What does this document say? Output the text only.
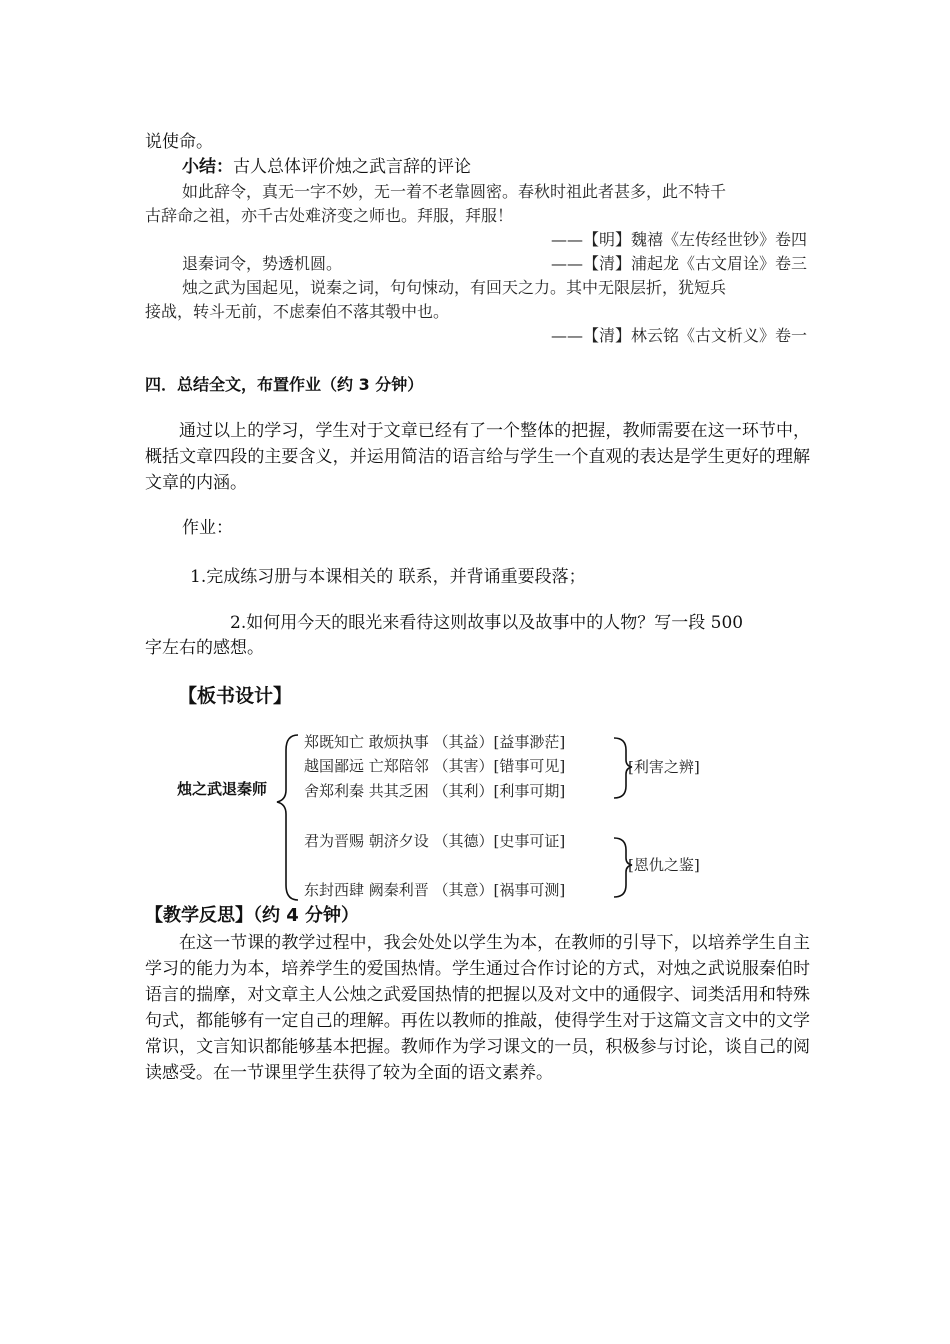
说使命。
小结：古人总体评价烛之武言辞的评论
如此辞令，真无一字不妙，无一着不老靠圆密。春秋时祖此者甚多，此不特千
古辞命之祖，亦千古处难济变之师也。拜服，拜服！
——【明】魏禧《左传经世钞》卷四
退秦词令，势透机圆。	——【清】浦起龙《古文眉诠》卷三
烛之武为国起见，说秦之词，句句悚动，有回天之力。其中无限层折，犹短兵
接战，转斗无前，不虑秦伯不落其彀中也。
——【清】林云铭《古文析义》卷一
四．总结全文，布置作业（约 3 分钟）
通过以上的学习，学生对于文章已经有了一个整体的把握，教师需要在这一环节中，概括文章四段的主要含义，并运用简洁的语言给与学生一个直观的表达是学生更好的理解文章的内涵。
作业：
1.完成练习册与本课相关的 联系，并背诵重要段落；
2.如何用今天的眼光来看待这则故事以及故事中的人物？写一段 500
字左右的感想。
【板书设计】
烛之武退秦师
郑既知亡 敢烦执事 （其益）[益事渺茫]
越国鄙远 亡郑陪邻 （其害）[错事可见]
舍郑利秦 共其乏困 （其利）[利事可期]
君为晋赐 朝济夕设 （其德）[史事可证]
东封西肆 阙秦利晋 （其意）[祸事可测]
[利害之辨]
[恩仇之鉴]
【教学反思】（约 4 分钟）
在这一节课的教学过程中，我会处处以学生为本，在教师的引导下，以培养学生自主学习的能力为本，培养学生的爱国热情。学生通过合作讨论的方式，对烛之武说服秦伯时语言的揣摩，对文章主人公烛之武爱国热情的把握以及对文中的通假字、词类活用和特殊句式，都能够有一定自己的理解。再佐以教师的推敲，使得学生对于这篇文言文中的文学常识，文言知识都能够基本把握。教师作为学习课文的一员，积极参与讨论，谈自己的阅读感受。在一节课里学生获得了较为全面的语文素养。
